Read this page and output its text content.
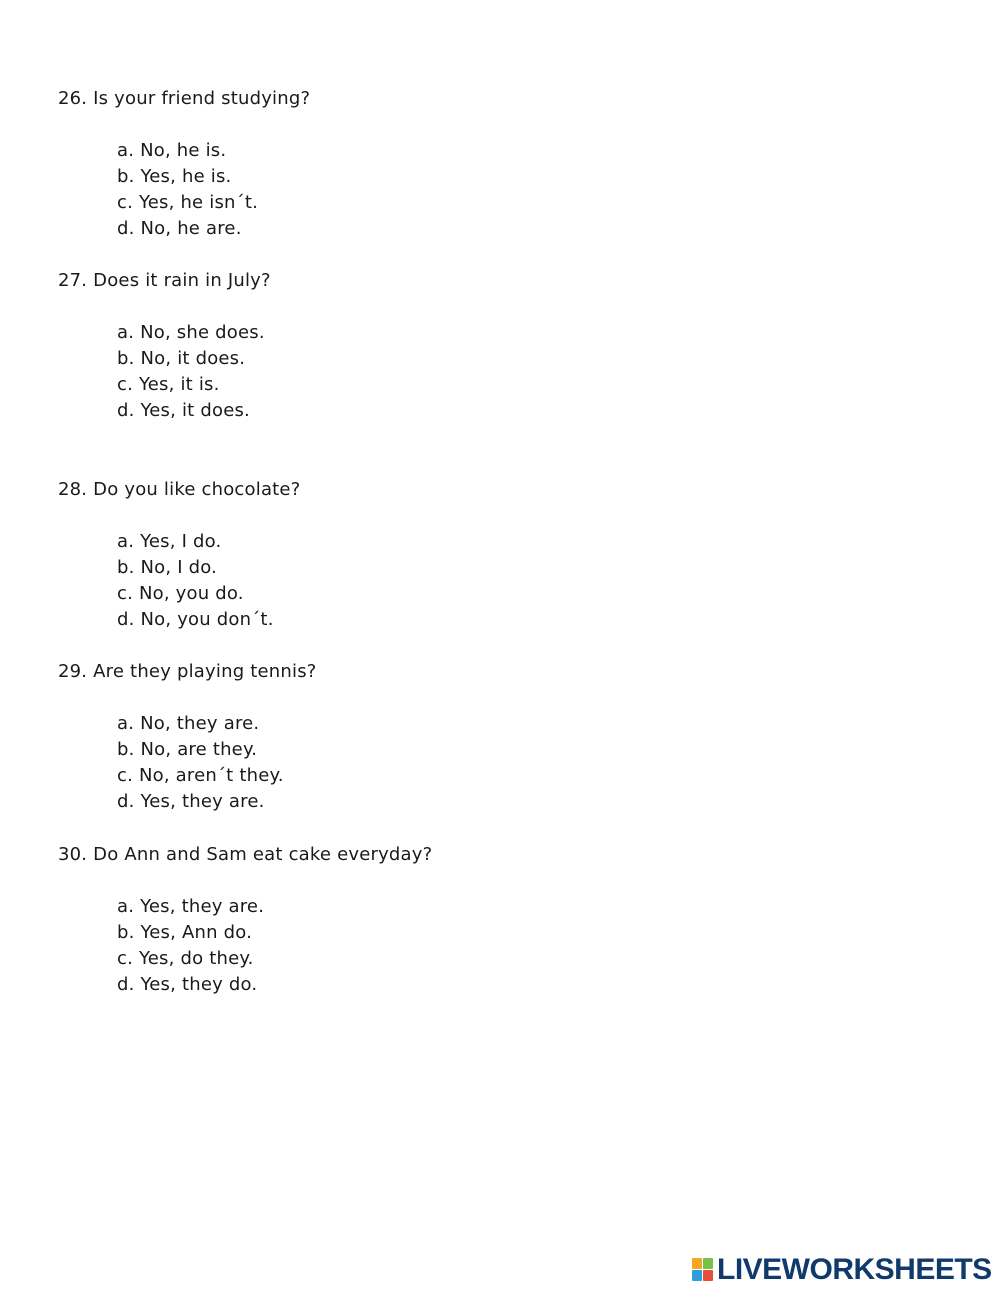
26. Is your friend studying?
a. No, he is.
b. Yes, he is.
c. Yes, he isn´t.
d. No, he are.
27. Does it rain in July?
a. No, she does.
b. No, it does.
c. Yes, it is.
d. Yes, it does.
28. Do you like chocolate?
a. Yes, I do.
b. No, I do.
c. No, you do.
d. No, you don´t.
29. Are they playing tennis?
a. No, they are.
b. No, are they.
c. No, aren´t they.
d. Yes, they are.
30. Do Ann and Sam eat cake everyday?
a. Yes, they are.
b. Yes, Ann do.
c. Yes, do they.
d. Yes, they do.
LIVEWORKSHEETS
